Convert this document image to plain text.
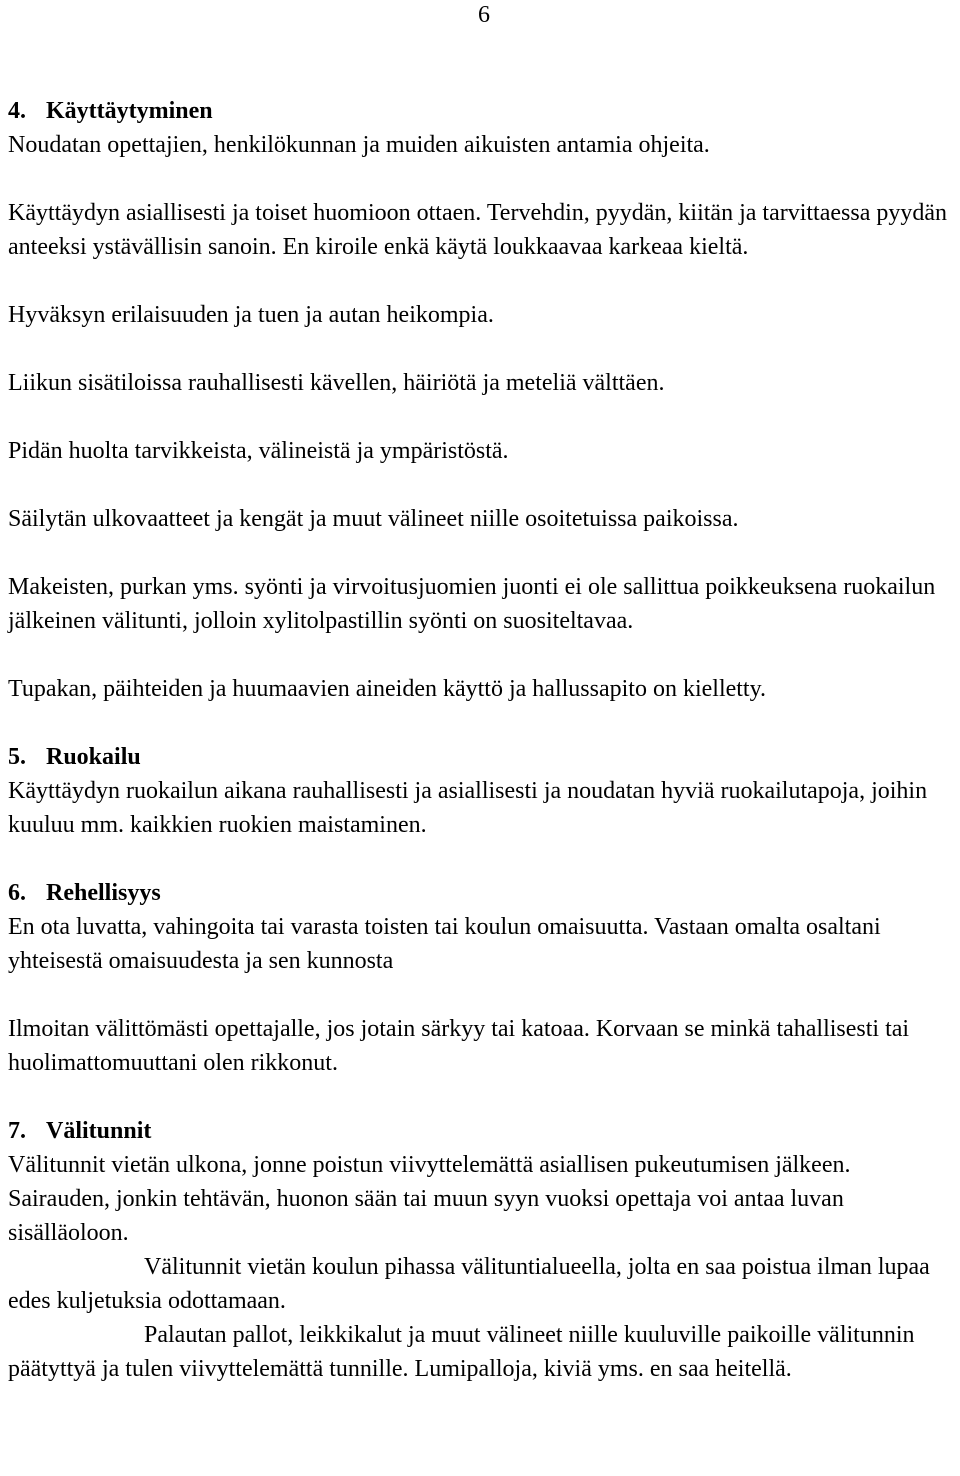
6
4. Käyttäytyminen

Noudatan opettajien, henkilökunnan ja muiden aikuisten antamia ohjeita.

Käyttäydyn asiallisesti ja toiset huomioon ottaen. Tervehdin, pyydän, kiitän ja tarvittaessa pyydän anteeksi ystävällisin sanoin. En kiroile enkä käytä loukkaavaa karkeaa kieltä.

Hyväksyn erilaisuuden ja tuen ja autan heikompia.

Liikun sisätiloissa rauhallisesti kävellen, häiriötä ja meteliä välttäen.

Pidän huolta tarvikkeista, välineistä ja ympäristöstä.

Säilytän ulkovaatteet ja kengät ja muut välineet niille osoitetuissa paikoissa.

Makeisten, purkan yms. syönti ja virvoitusjuomien juonti ei ole sallittua poikkeuksena ruokailun jälkeinen välitunti, jolloin xylitolpastillin syönti on suositeltavaa.

Tupakan, päihteiden ja huumaavien aineiden käyttö ja hallussapito on kielletty.

5. Ruokailu

Käyttäydyn ruokailun aikana rauhallisesti ja asiallisesti ja noudatan hyviä ruokailutapoja, joihin kuuluu mm. kaikkien ruokien maistaminen.

6. Rehellisyys

En ota luvatta, vahingoita tai varasta toisten tai koulun omaisuutta. Vastaan omalta osaltani yhteisestä omaisuudesta ja sen kunnosta

Ilmoitan välittömästi opettajalle, jos jotain särkyy tai katoaa. Korvaan se minkä tahallisesti tai huolimattomuuttani olen rikkonut.

7. Välitunnit

Välitunnit vietän ulkona, jonne poistun viivyttelemättä asiallisen pukeutumisen jälkeen. Sairauden, jonkin tehtävän, huonon sään tai muun syyn vuoksi opettaja voi antaa luvan sisälläoloon.

Välitunnit vietän koulun pihassa välituntialueella, jolta en saa poistua ilman lupaa edes kuljetuksia odottamaan.

Palautan pallot, leikkikalut ja muut välineet niille kuuluville paikoille välitunnin päätyttyä ja tulen viivyttelemättä tunnille. Lumipalloja, kiviä yms. en saa heitellä.
